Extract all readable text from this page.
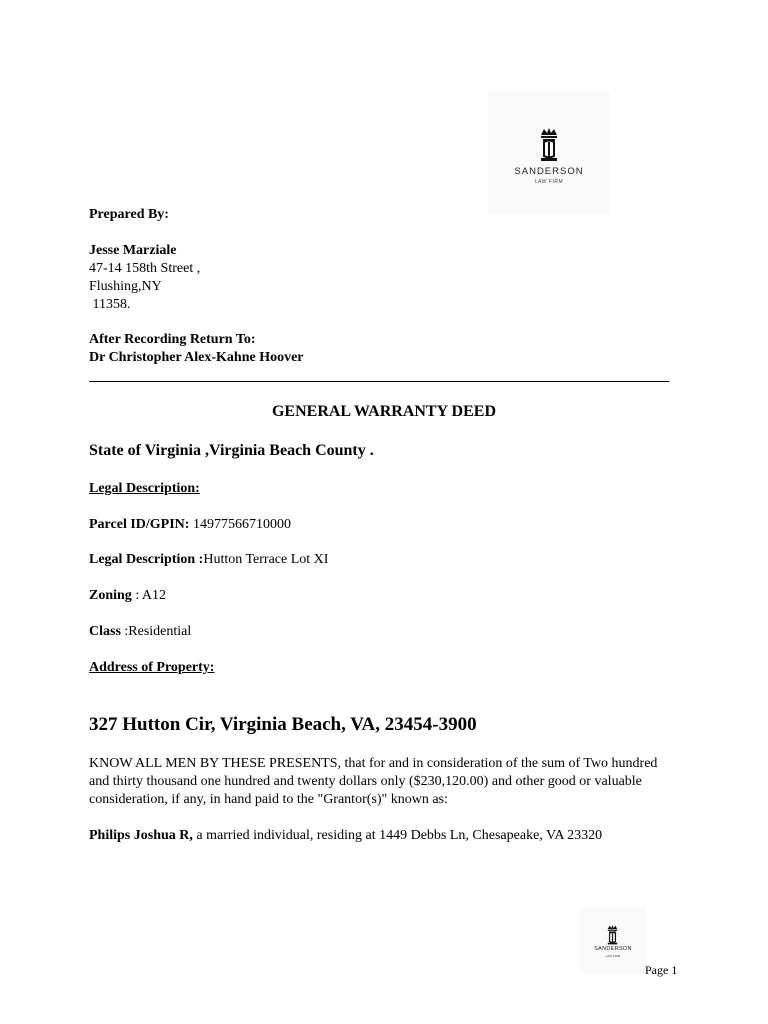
SANDERSON
LAW FIRM
Prepared By:
Jesse Marziale
47-14 158th Street ,
Flushing,NY
11358.
After Recording Return To:
Dr Christopher Alex-Kahne Hoover
GENERAL WARRANTY DEED
State of Virginia ,Virginia Beach County .
Legal Description:
Parcel ID/GPIN: 14977566710000
Legal Description :Hutton Terrace Lot XI
Zoning : A12
Class :Residential
Address of Property:
327 Hutton Cir, Virginia Beach, VA, 23454-3900
KNOW ALL MEN BY THESE PRESENTS, that for and in consideration of the sum of Two hundred and thirty thousand one hundred and twenty dollars only ($230,120.00) and other good or valuable consideration, if any, in hand paid to the "Grantor(s)" known as:
Philips Joshua R, a married individual, residing at 1449 Debbs Ln, Chesapeake, VA 23320
SANDERSON
LAW FIRM
Page 1
